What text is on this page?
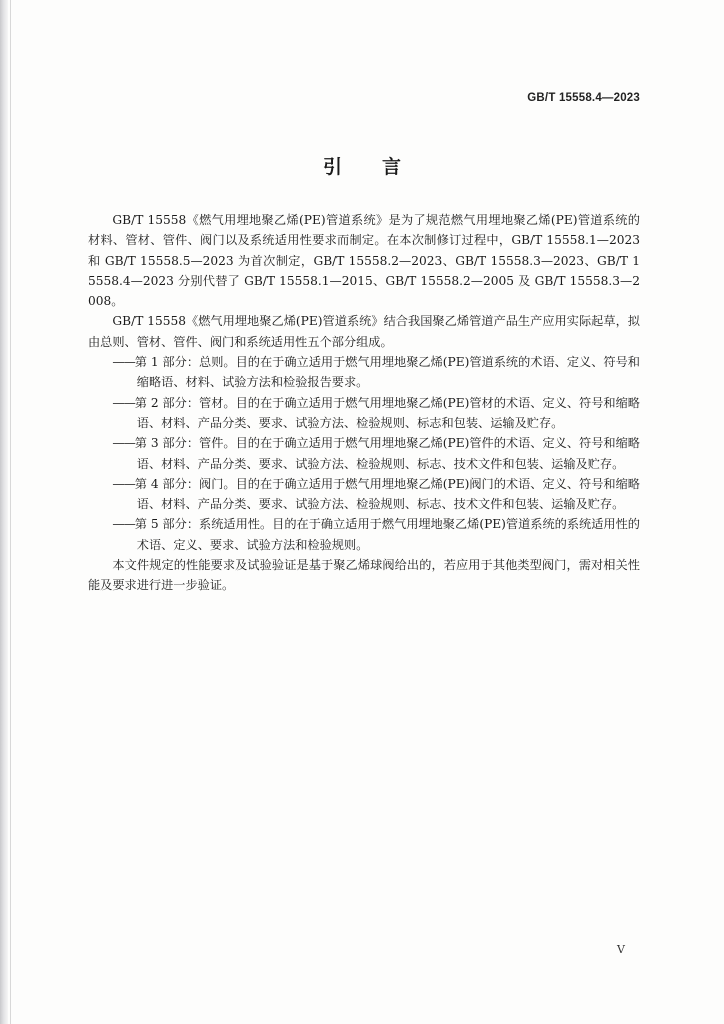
GB/T 15558.4—2023
引言

GB/T 15558《燃气用埋地聚乙烯(PE)管道系统》是为了规范燃气用埋地聚乙烯(PE)管道系统的材料、管材、管件、阀门以及系统适用性要求而制定。在本次制修订过程中，GB/T 15558.1—2023 和 GB/T 15558.5—2023 为首次制定，GB/T 15558.2—2023、GB/T 15558.3—2023、GB/T 15558.4—2023 分别代替了 GB/T 15558.1—2015、GB/T 15558.2—2005 及 GB/T 15558.3—2008。

GB/T 15558《燃气用埋地聚乙烯(PE)管道系统》结合我国聚乙烯管道产品生产应用实际起草，拟由总则、管材、管件、阀门和系统适用性五个部分组成。

——第 1 部分：总则。目的在于确立适用于燃气用埋地聚乙烯(PE)管道系统的术语、定义、符号和缩略语、材料、试验方法和检验报告要求。

——第 2 部分：管材。目的在于确立适用于燃气用埋地聚乙烯(PE)管材的术语、定义、符号和缩略语、材料、产品分类、要求、试验方法、检验规则、标志和包装、运输及贮存。

——第 3 部分：管件。目的在于确立适用于燃气用埋地聚乙烯(PE)管件的术语、定义、符号和缩略语、材料、产品分类、要求、试验方法、检验规则、标志、技术文件和包装、运输及贮存。

——第 4 部分：阀门。目的在于确立适用于燃气用埋地聚乙烯(PE)阀门的术语、定义、符号和缩略语、材料、产品分类、要求、试验方法、检验规则、标志、技术文件和包装、运输及贮存。

——第 5 部分：系统适用性。目的在于确立适用于燃气用埋地聚乙烯(PE)管道系统的系统适用性的术语、定义、要求、试验方法和检验规则。

本文件规定的性能要求及试验验证是基于聚乙烯球阀给出的，若应用于其他类型阀门，需对相关性能及要求进行进一步验证。

V
